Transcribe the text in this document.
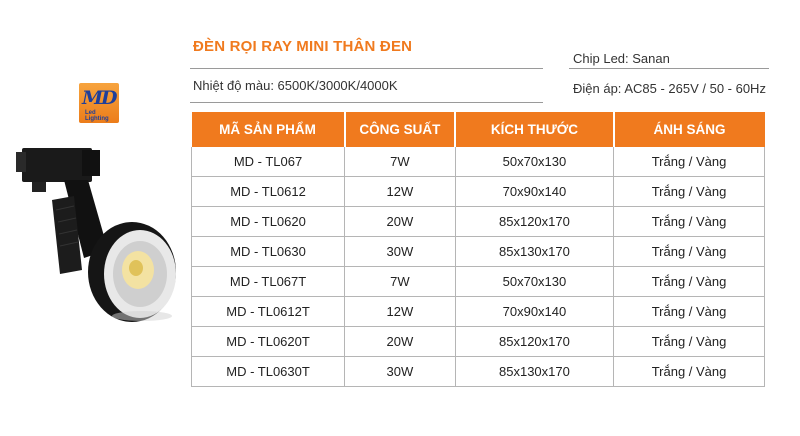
ĐÈN RỌI RAY MINI THÂN ĐEN
Nhiệt độ màu: 6500K/3000K/4000K
Chip Led: Sanan
Điện áp: AC85 - 265V / 50 - 60Hz
MD
Led Lighting
MÃ SẢN PHẨM	CÔNG SUẤT	KÍCH THƯỚC	ÁNH SÁNG
MD - TL067	7W	50x70x130	Trắng / Vàng
MD - TL0612	12W	70x90x140	Trắng / Vàng
MD - TL0620	20W	85x120x170	Trắng / Vàng
MD - TL0630	30W	85x130x170	Trắng / Vàng
MD - TL067T	7W	50x70x130	Trắng / Vàng
MD - TL0612T	12W	70x90x140	Trắng / Vàng
MD - TL0620T	20W	85x120x170	Trắng / Vàng
MD - TL0630T	30W	85x130x170	Trắng / Vàng
